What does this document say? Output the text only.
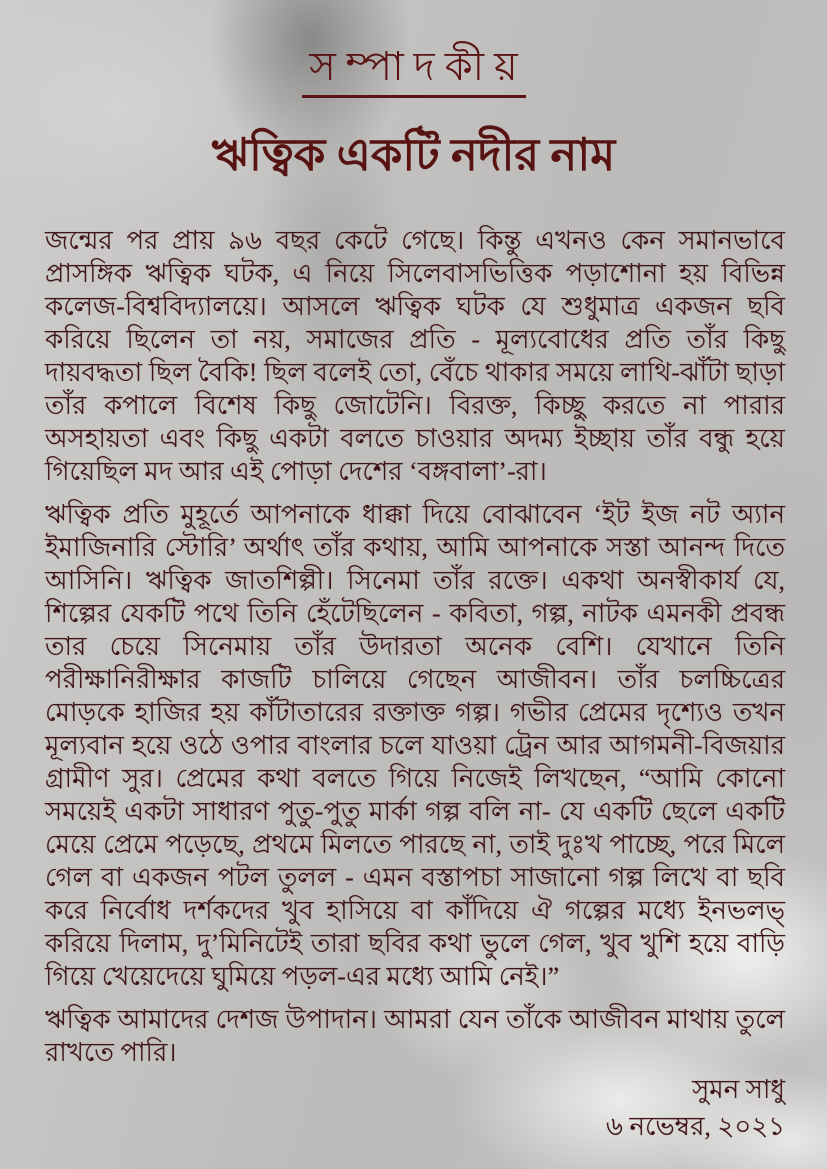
স ম্পা দ কী য়
ঋত্বিক একটি নদীর নাম

জন্মের পর প্রায় ৯৬ বছর কেটে গেছে। কিন্তু এখনও কেন সমানভাবে প্রাসঙ্গিক ঋত্বিক ঘটক, এ নিয়ে সিলেবাসভিত্তিক পড়াশোনা হয় বিভিন্ন কলেজ-বিশ্ববিদ্যালয়ে। আসলে ঋত্বিক ঘটক যে শুধুমাত্র একজন ছবি করিয়ে ছিলেন তা নয়, সমাজের প্রতি - মূল্যবোধের প্রতি তাঁর কিছু দায়বদ্ধতা ছিল বৈকি! ছিল বলেই তো, বেঁচে থাকার সময়ে লাথি-ঝাঁটা ছাড়া তাঁর কপালে বিশেষ কিছু জোটেনি। বিরক্ত, কিচ্ছু করতে না পারার অসহায়তা এবং কিছু একটা বলতে চাওয়ার অদম্য ইচ্ছায় তাঁর বন্ধু হয়ে গিয়েছিল মদ আর এই পোড়া দেশের ‘বঙ্গবালা’-রা।

ঋত্বিক প্রতি মুহূর্তে আপনাকে ধাক্কা দিয়ে বোঝাবেন ‘ইট ইজ নট অ্যান ইমাজিনারি স্টোরি’ অর্থাৎ তাঁর কথায়, আমি আপনাকে সস্তা আনন্দ দিতে আসিনি। ঋত্বিক জাতশিল্পী। সিনেমা তাঁর রক্তে। একথা অনস্বীকার্য যে, শিল্পের যেকটি পথে তিনি হেঁটেছিলেন - কবিতা, গল্প, নাটক এমনকী প্রবন্ধ তার চেয়ে সিনেমায় তাঁর উদারতা অনেক বেশি। যেখানে তিনি পরীক্ষানিরীক্ষার কাজটি চালিয়ে গেছেন আজীবন। তাঁর চলচ্চিত্রের মোড়কে হাজির হয় কাঁটাতারের রক্তাক্ত গল্প। গভীর প্রেমের দৃশ্যেও তখন মূল্যবান হয়ে ওঠে ওপার বাংলার চলে যাওয়া ট্রেন আর আগমনী-বিজয়ার গ্রামীণ সুর। প্রেমের কথা বলতে গিয়ে নিজেই লিখছেন, “আমি কোনো সময়েই একটা সাধারণ পুতু-পুতু মার্কা গল্প বলি না- যে একটি ছেলে একটি মেয়ে প্রেমে পড়েছে, প্রথমে মিলতে পারছে না, তাই দুঃখ পাচ্ছে, পরে মিলে গেল বা একজন পটল তুলল - এমন বস্তাপচা সাজানো গল্প লিখে বা ছবি করে নির্বোধ দর্শকদের খুব হাসিয়ে বা কাঁদিয়ে ঐ গল্পের মধ্যে ইনভলভ্ করিয়ে দিলাম, দু’মিনিটেই তারা ছবির কথা ভুলে গেল, খুব খুশি হয়ে বাড়ি গিয়ে খেয়েদেয়ে ঘুমিয়ে পড়ল-এর মধ্যে আমি নেই।”

ঋত্বিক আমাদের দেশজ উপাদান। আমরা যেন তাঁকে আজীবন মাথায় তুলে রাখতে পারি।

সুমন সাধু
৬ নভেম্বর, ২০২১
